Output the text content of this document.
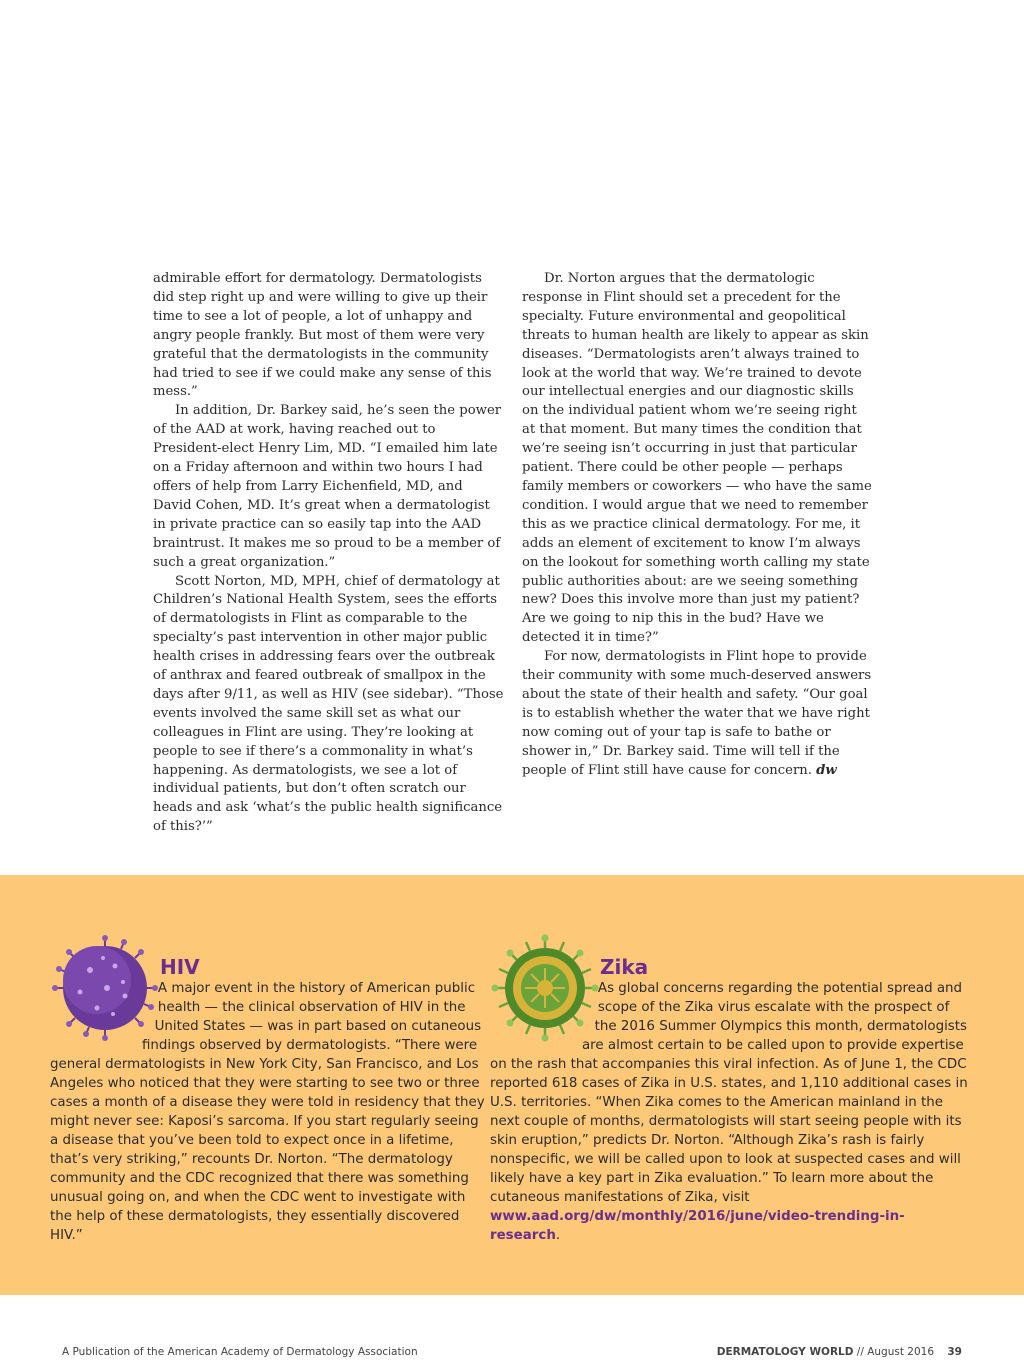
admirable effort for dermatology. Dermatologists did step right up and were willing to give up their time to see a lot of people, a lot of unhappy and angry people frankly. But most of them were very grateful that the dermatologists in the community had tried to see if we could make any sense of this mess.”

In addition, Dr. Barkey said, he’s seen the power of the AAD at work, having reached out to President-elect Henry Lim, MD. “I emailed him late on a Friday afternoon and within two hours I had offers of help from Larry Eichenfield, MD, and David Cohen, MD. It’s great when a dermatologist in private practice can so easily tap into the AAD braintrust. It makes me so proud to be a member of such a great organization.”

Scott Norton, MD, MPH, chief of dermatology at Children’s National Health System, sees the efforts of dermatologists in Flint as comparable to the specialty’s past intervention in other major public health crises in addressing fears over the outbreak of anthrax and feared outbreak of smallpox in the days after 9/11, as well as HIV (see sidebar). “Those events involved the same skill set as what our colleagues in Flint are using. They’re looking at people to see if there’s a commonality in what’s happening. As dermatologists, we see a lot of individual patients, but don’t often scratch our heads and ask ‘what’s the public health significance of this?’”

Dr. Norton argues that the dermatologic response in Flint should set a precedent for the specialty. Future environmental and geopolitical threats to human health are likely to appear as skin diseases. “Dermatologists aren’t always trained to look at the world that way. We’re trained to devote our intellectual energies and our diagnostic skills on the individual patient whom we’re seeing right at that moment. But many times the condition that we’re seeing isn’t occurring in just that particular patient. There could be other people — perhaps family members or coworkers — who have the same condition. I would argue that we need to remember this as we practice clinical dermatology. For me, it adds an element of excitement to know I’m always on the lookout for something worth calling my state public authorities about: are we seeing something new? Does this involve more than just my patient? Are we going to nip this in the bud? Have we detected it in time?”

For now, dermatologists in Flint hope to provide their community with some much-deserved answers about the state of their health and safety. “Our goal is to establish whether the water that we have right now coming out of your tap is safe to bathe or shower in,” Dr. Barkey said. Time will tell if the people of Flint still have cause for concern. dw

HIV

A major event in the history of American public health — the clinical observation of HIV in the United States — was in part based on cutaneous findings observed by dermatologists. “There were general dermatologists in New York City, San Francisco, and Los Angeles who noticed that they were starting to see two or three cases a month of a disease they were told in residency that they might never see: Kaposi’s sarcoma. If you start regularly seeing a disease that you’ve been told to expect once in a lifetime, that’s very striking,” recounts Dr. Norton. “The dermatology community and the CDC recognized that there was something unusual going on, and when the CDC went to investigate with the help of these dermatologists, they essentially discovered HIV.”

Zika

As global concerns regarding the potential spread and scope of the Zika virus escalate with the prospect of the 2016 Summer Olympics this month, dermatologists are almost certain to be called upon to provide expertise on the rash that accompanies this viral infection. As of June 1, the CDC reported 618 cases of Zika in U.S. states, and 1,110 additional cases in U.S. territories. “When Zika comes to the American mainland in the next couple of months, dermatologists will start seeing people with its skin eruption,” predicts Dr. Norton. “Although Zika’s rash is fairly nonspecific, we will be called upon to look at suspected cases and will likely have a key part in Zika evaluation.” To learn more about the cutaneous manifestations of Zika, visit www.aad.org/dw/monthly/2016/june/video-trending-in-research.

A Publication of the American Academy of Dermatology Association	DERMATOLOGY WORLD // August 2016 39
